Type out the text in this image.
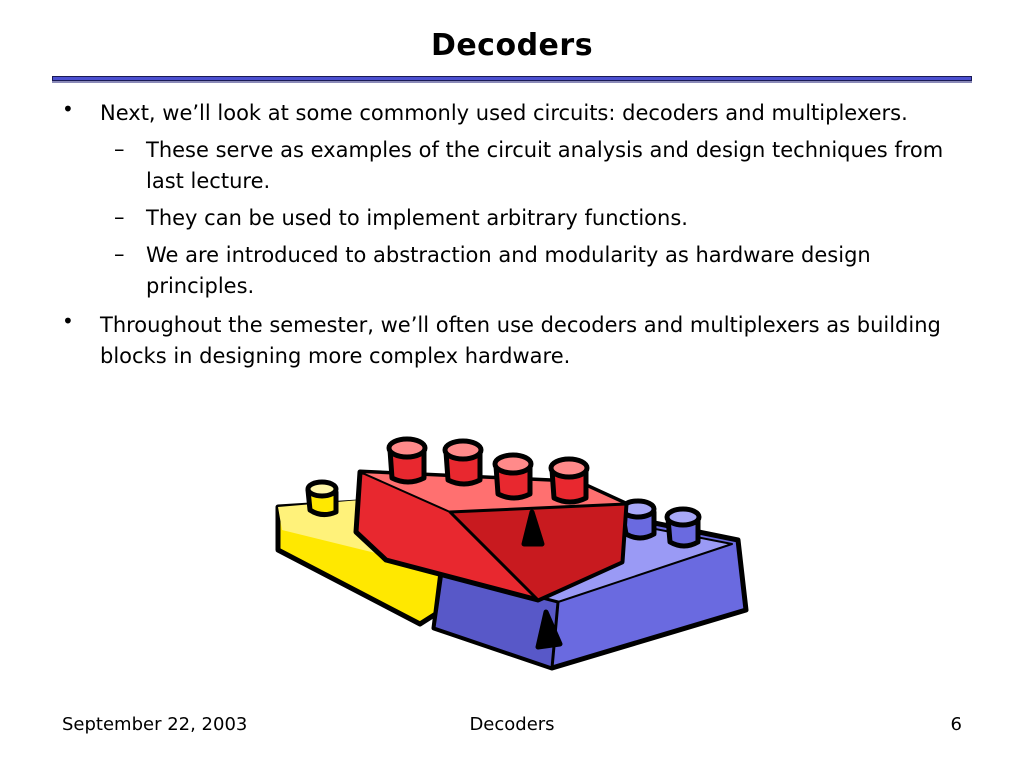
Decoders
• Next, we’ll look at some commonly used circuits: decoders and multiplexers.
– These serve as examples of the circuit analysis and design techniques from last lecture.
– They can be used to implement arbitrary functions.
– We are introduced to abstraction and modularity as hardware design principles.
• Throughout the semester, we’ll often use decoders and multiplexers as building blocks in designing more complex hardware.
September 22, 2003	Decoders	6
